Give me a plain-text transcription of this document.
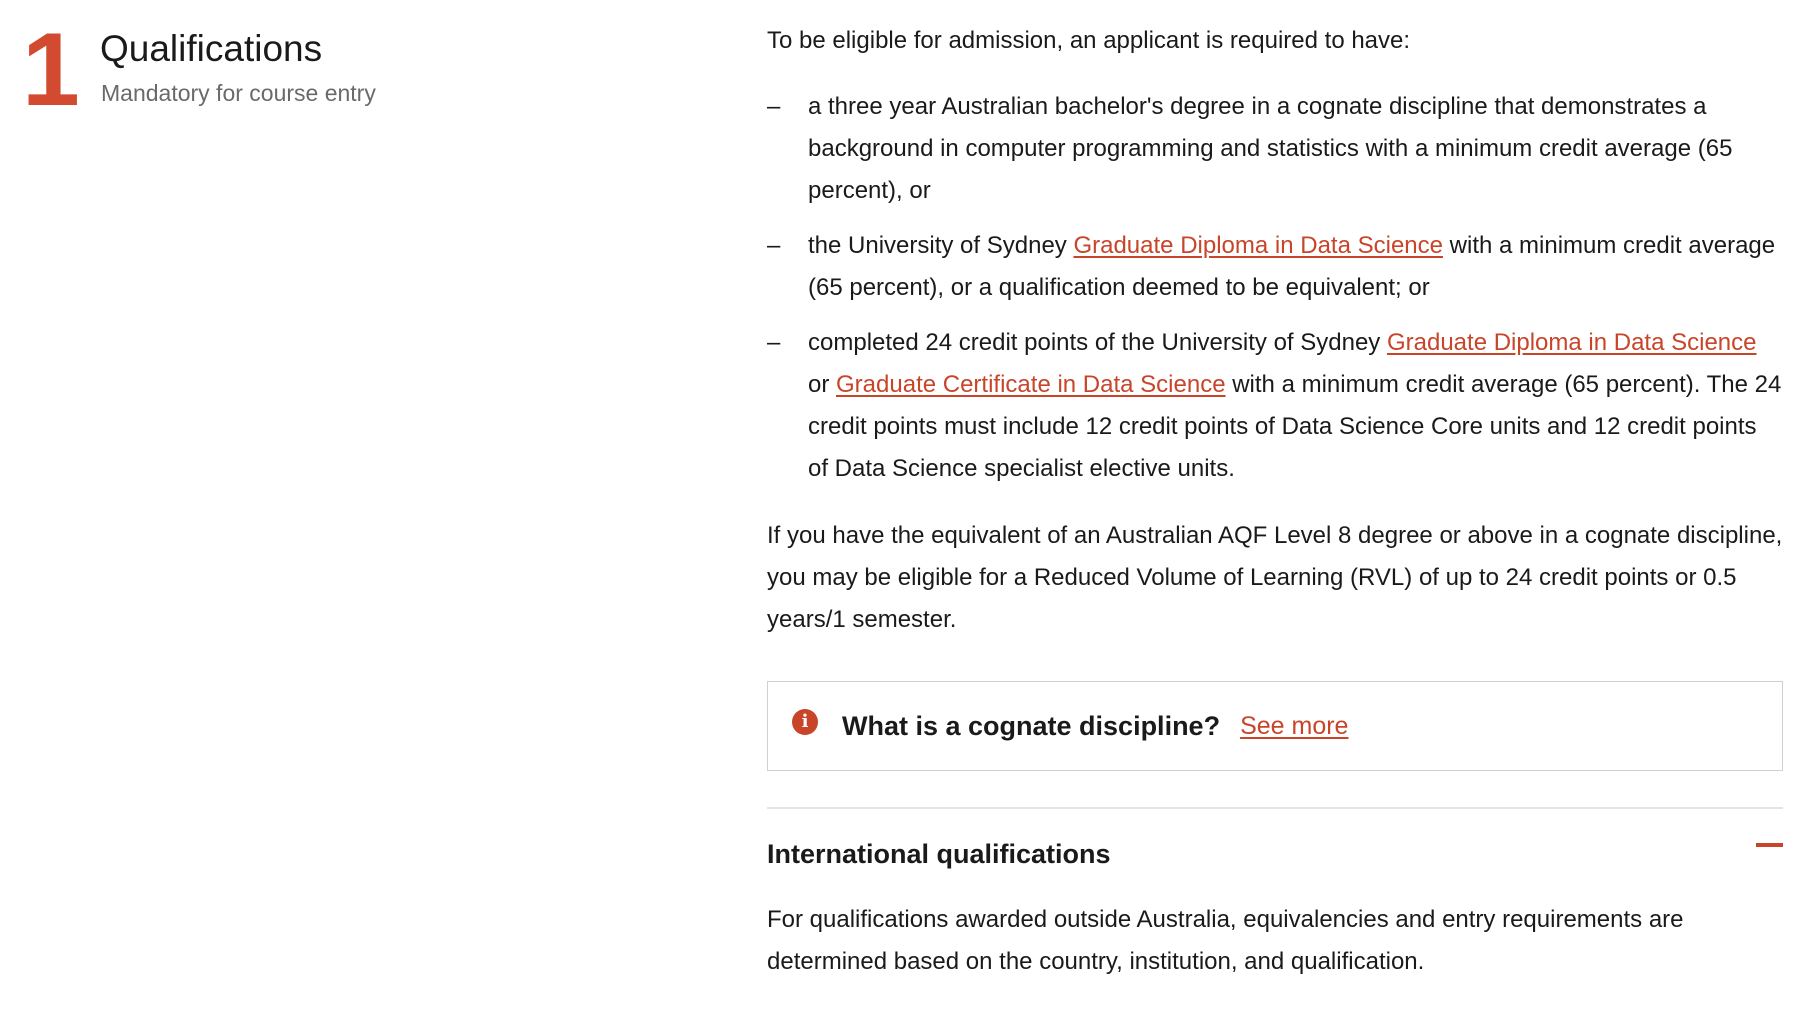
1 Qualifications

Mandatory for course entry

To be eligible for admission, an applicant is required to have:

– a three year Australian bachelor's degree in a cognate discipline that demonstrates a background in computer programming and statistics with a minimum credit average (65 percent), or
– the University of Sydney Graduate Diploma in Data Science with a minimum credit average (65 percent), or a qualification deemed to be equivalent; or
– completed 24 credit points of the University of Sydney Graduate Diploma in Data Science or Graduate Certificate in Data Science with a minimum credit average (65 percent). The 24 credit points must include 12 credit points of Data Science Core units and 12 credit points of Data Science specialist elective units.

If you have the equivalent of an Australian AQF Level 8 degree or above in a cognate discipline, you may be eligible for a Reduced Volume of Learning (RVL) of up to 24 credit points or 0.5 years/1 semester.

i	What is a cognate discipline? See more
International qualifications

For qualifications awarded outside Australia, equivalencies and entry requirements are determined based on the country, institution, and qualification.
